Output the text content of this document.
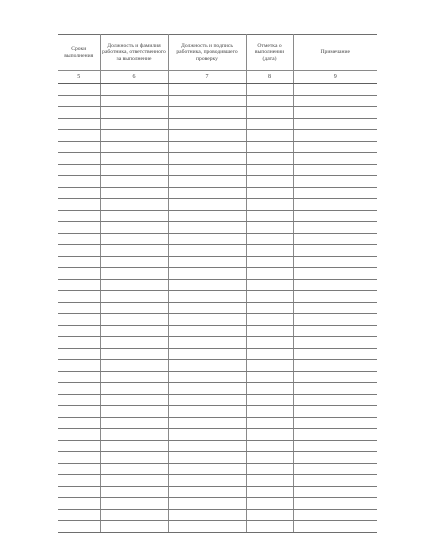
Сроки выполнения	Должность и фамилия работника, ответственного за выполнение	Должность и подпись работника, проводившего проверку	Отметка о выполнении (дата)	Примечание
5	6	7	8	9
